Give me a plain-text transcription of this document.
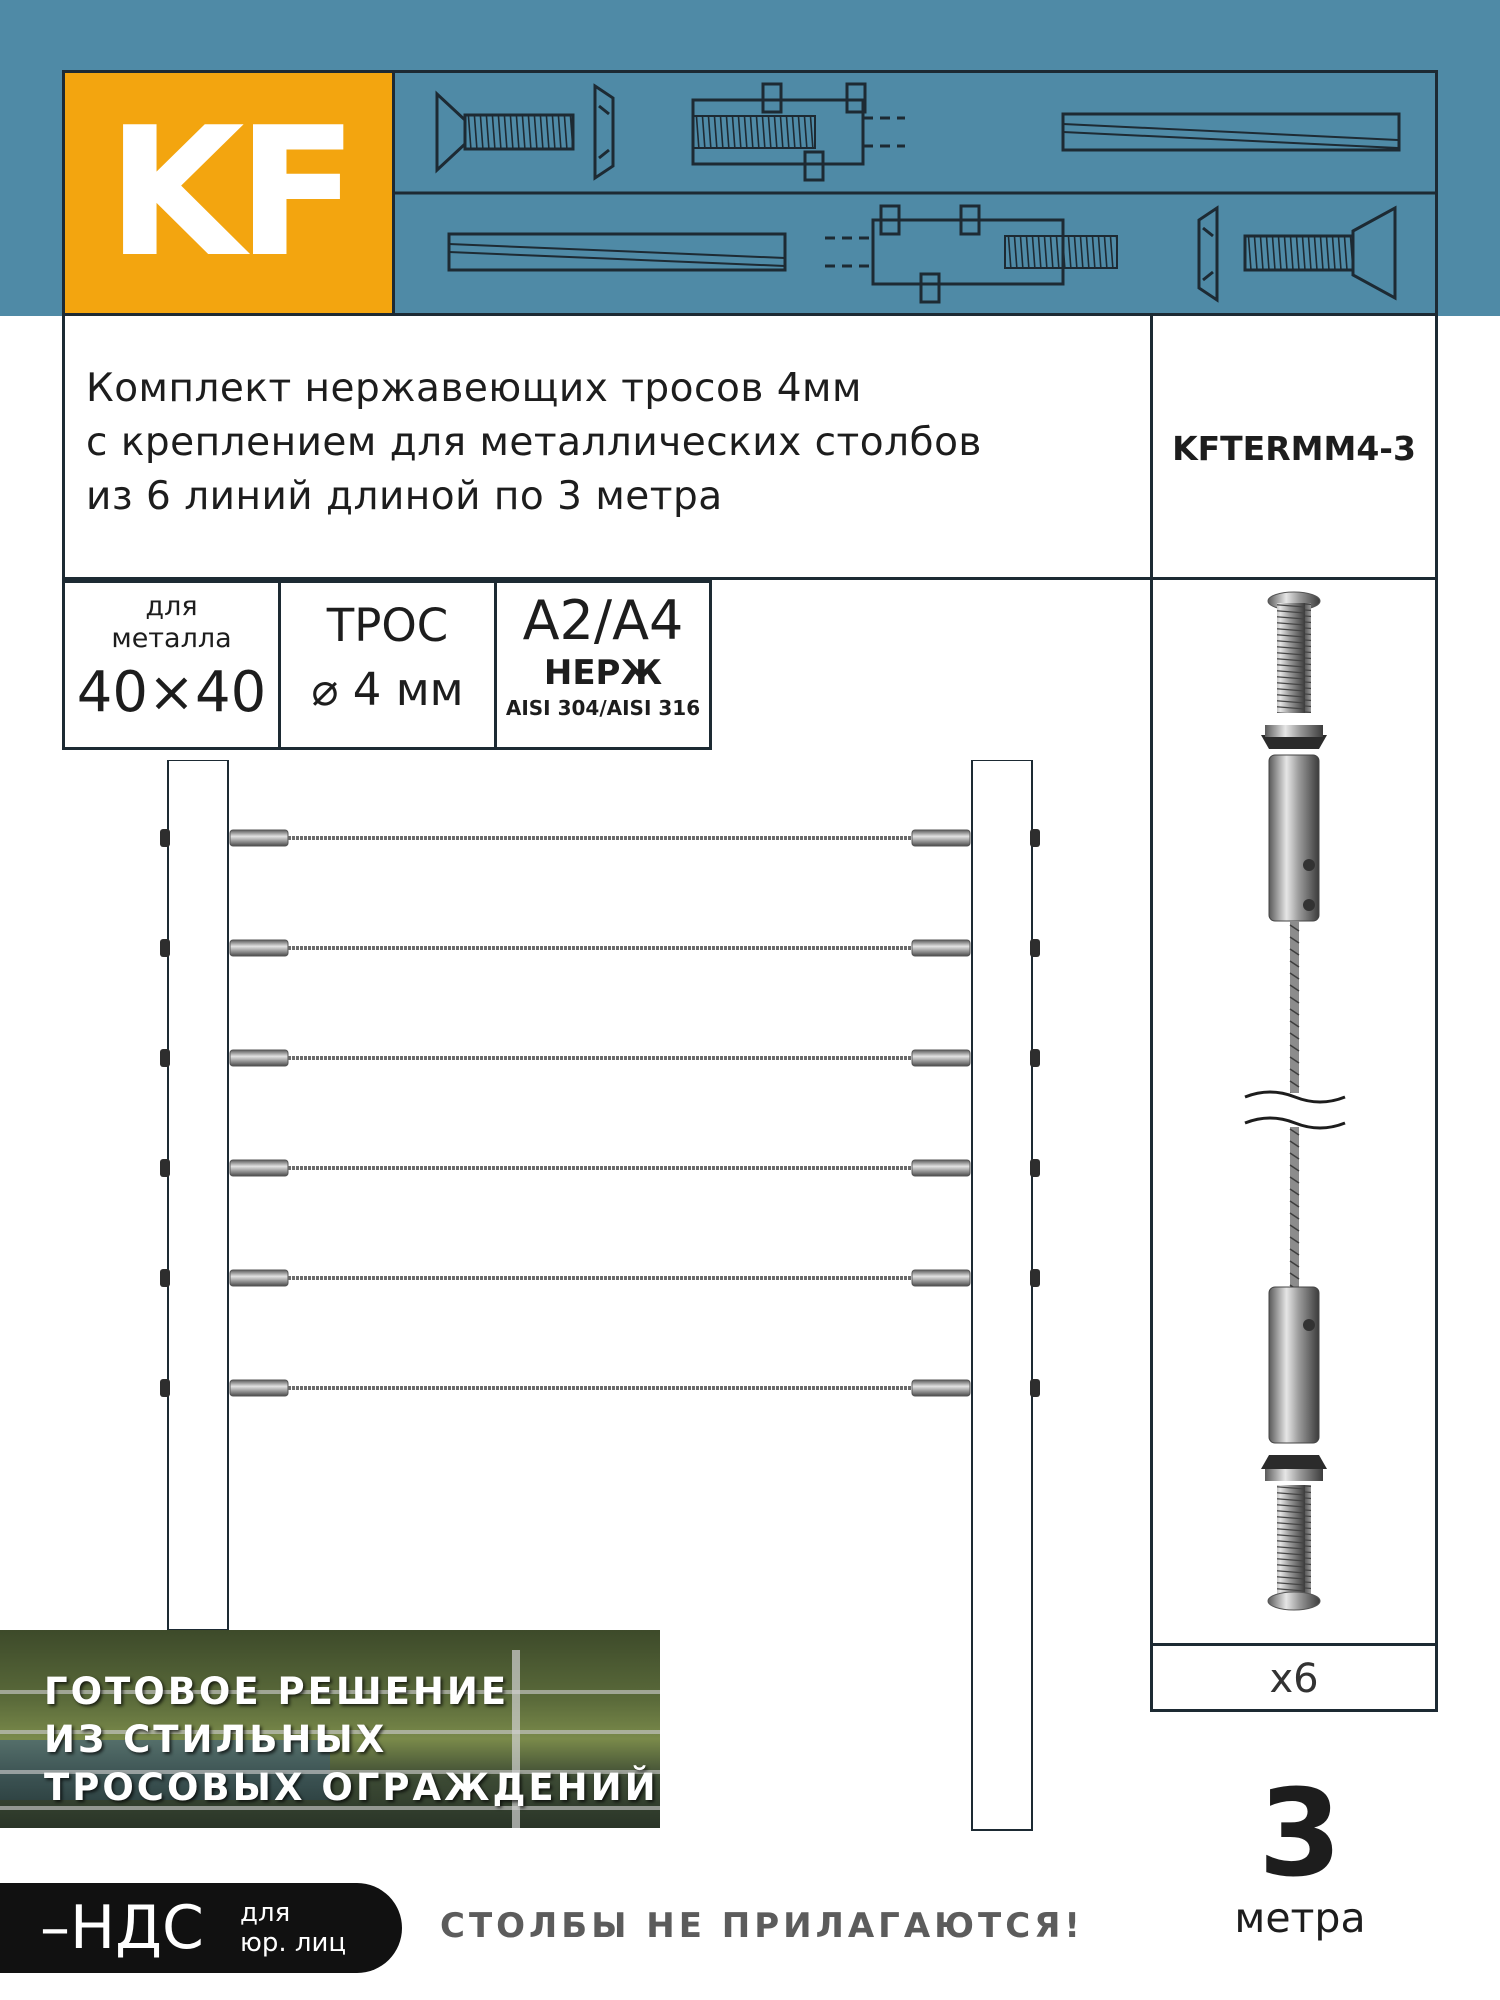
KF
Комплект нержавеющих тросов 4мм
с креплением для металлических столбов
из 6 линий длиной по 3 метра
KFTERMM4-3
для
металла
40×40
ТРОС
⌀ 4 мм
A2/A4
НЕРЖ
AISI 304/AISI 316
x6
ГОТОВОЕ РЕШЕНИЕ
ИЗ СТИЛЬНЫХ
ТРОСОВЫХ ОГРАЖДЕНИЙ
–НДС для
юр. лиц	СТОЛБЫ НЕ ПРИЛАГАЮТСЯ!
3
метра
